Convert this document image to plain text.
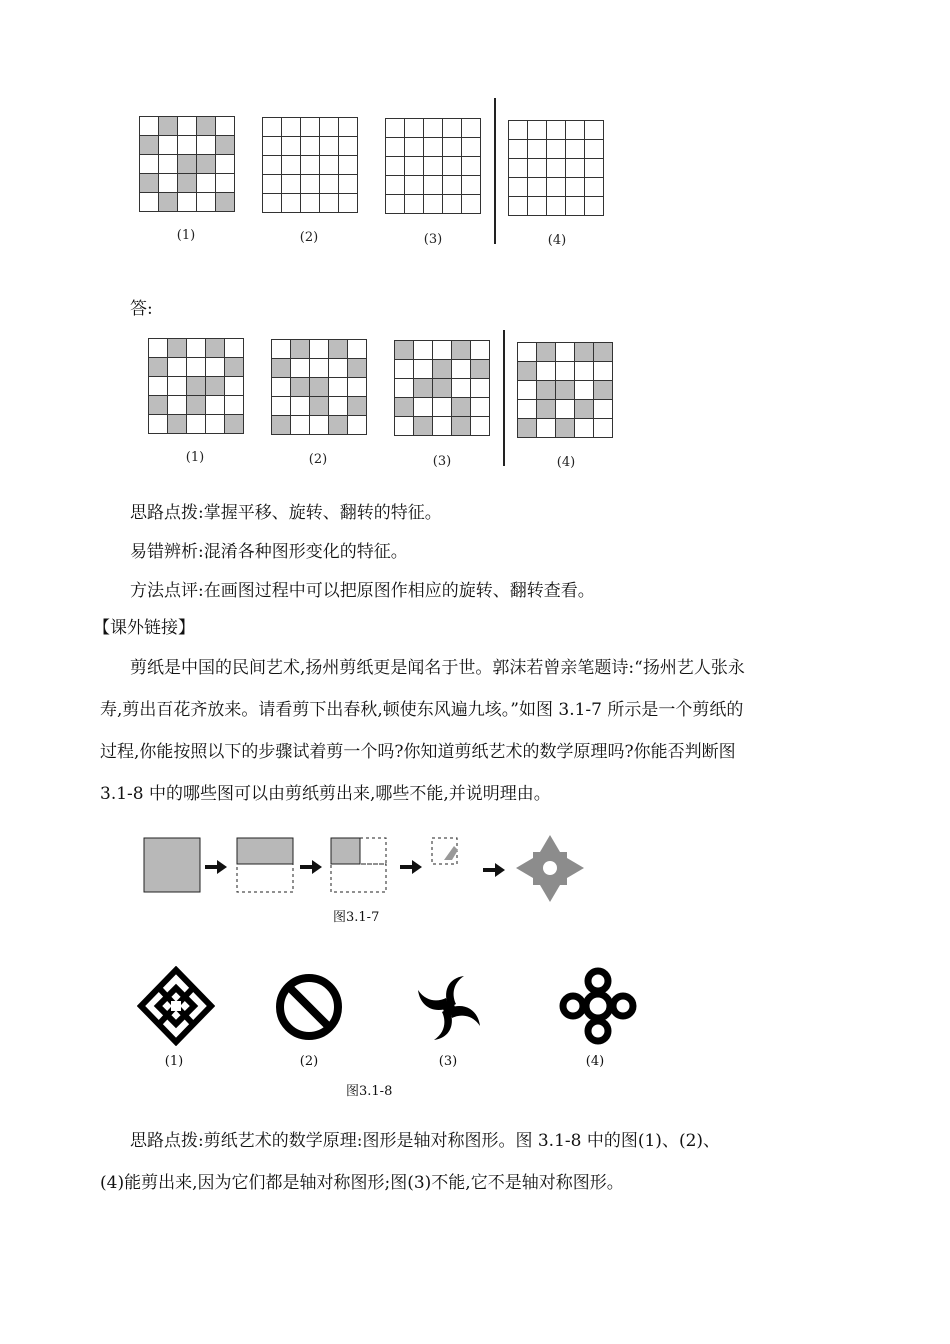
(1)	(2)	(3)	(4)
答:
(1)	(2)	(3)	(4)
思路点拨:掌握平移、旋转、翻转的特征。
易错辨析:混淆各种图形变化的特征。
方法点评:在画图过程中可以把原图作相应的旋转、翻转查看。
【课外链接】
剪纸是中国的民间艺术,扬州剪纸更是闻名于世。郭沫若曾亲笔题诗:“扬州艺人张永
寿,剪出百花齐放来。请看剪下出春秋,顿使东风遍九垓。”如图 3.1-7 所示是一个剪纸的
过程,你能按照以下的步骤试着剪一个吗?你知道剪纸艺术的数学原理吗?你能否判断图
3.1-8 中的哪些图可以由剪纸剪出来,哪些不能,并说明理由。
图3.1-7
(1)	(2)	(3)	(4)
图3.1-8
思路点拨:剪纸艺术的数学原理:图形是轴对称图形。图 3.1-8 中的图(1)、(2)、
(4)能剪出来,因为它们都是轴对称图形;图(3)不能,它不是轴对称图形。
